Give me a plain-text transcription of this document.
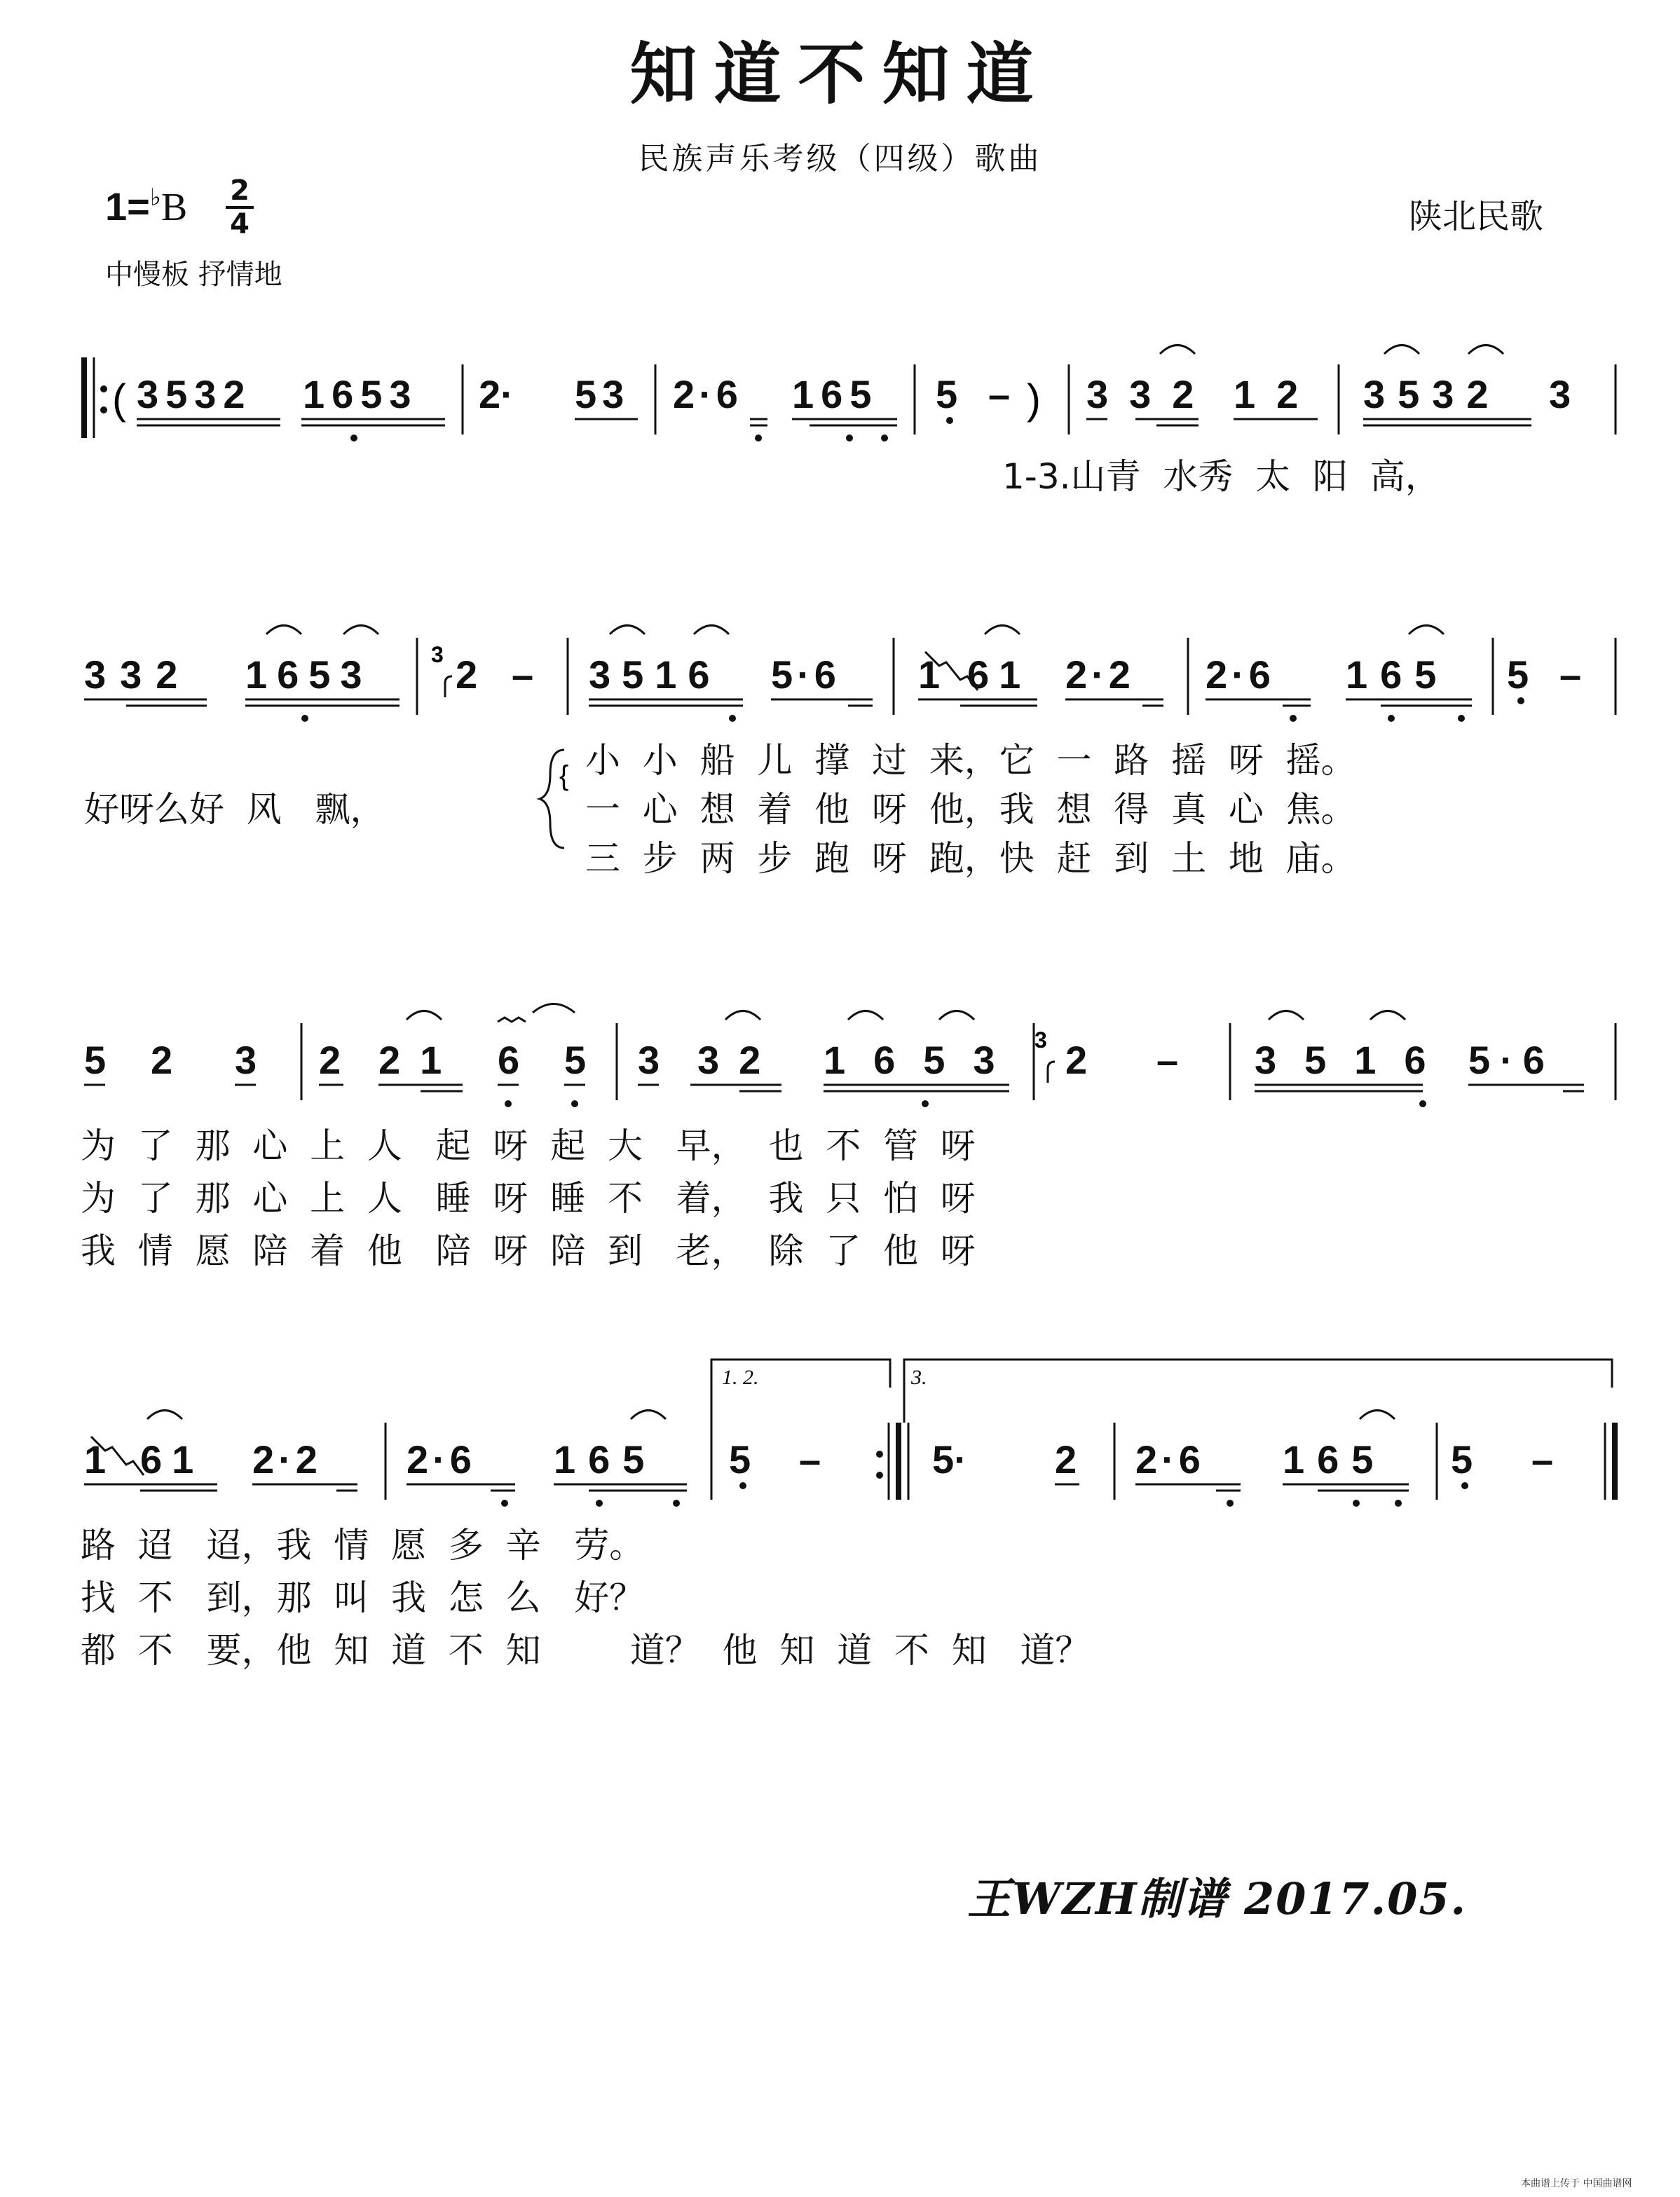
知道不知道
民族声乐考级（四级）歌曲
1=♭B 2
4
中慢板 抒情地
陕北民歌
(	)
3532 1653 2· 53 2·6 165 5 – 332 12 3532 3
1-3.山青  水秀  太  阳  高，
3
{
332 1653 2 – 3516 5·6 1 61 2·2 2·6 165 5 –
好呀么好  风   飘，
小  小  船  儿  撑  过  来，它  一  路  摇  呀  摇。
一  心  想  着  他  呀  他，我  想  得  真  心  焦。
三  步  两  步  跑  呀  跑，快  赶  到  土  地  庙。
3
5 2 3 2 21 6 5 3 32 1653 2 – 3516 5·6
为  了  那  心  上  人   起  呀  起  大   早，  也  不  管  呀
为  了  那  心  上  人   睡  呀  睡  不   着，  我  只  怕  呀
我  情  愿  陪  着  他   陪  呀  陪  到   老，  除  了  他  呀
1. 2.	3.
1 61 2·2 2·6 165 5 –	5· 2 2·6 165 5 –
路  迢   迢，我  情  愿  多  辛   劳。
找  不   到，那  叫  我  怎  么   好？
都  不   要，他  知  道  不  知        道？  他  知  道  不  知   道？
王WZH制谱 2017.05.
本曲谱上传于 中国曲谱网
